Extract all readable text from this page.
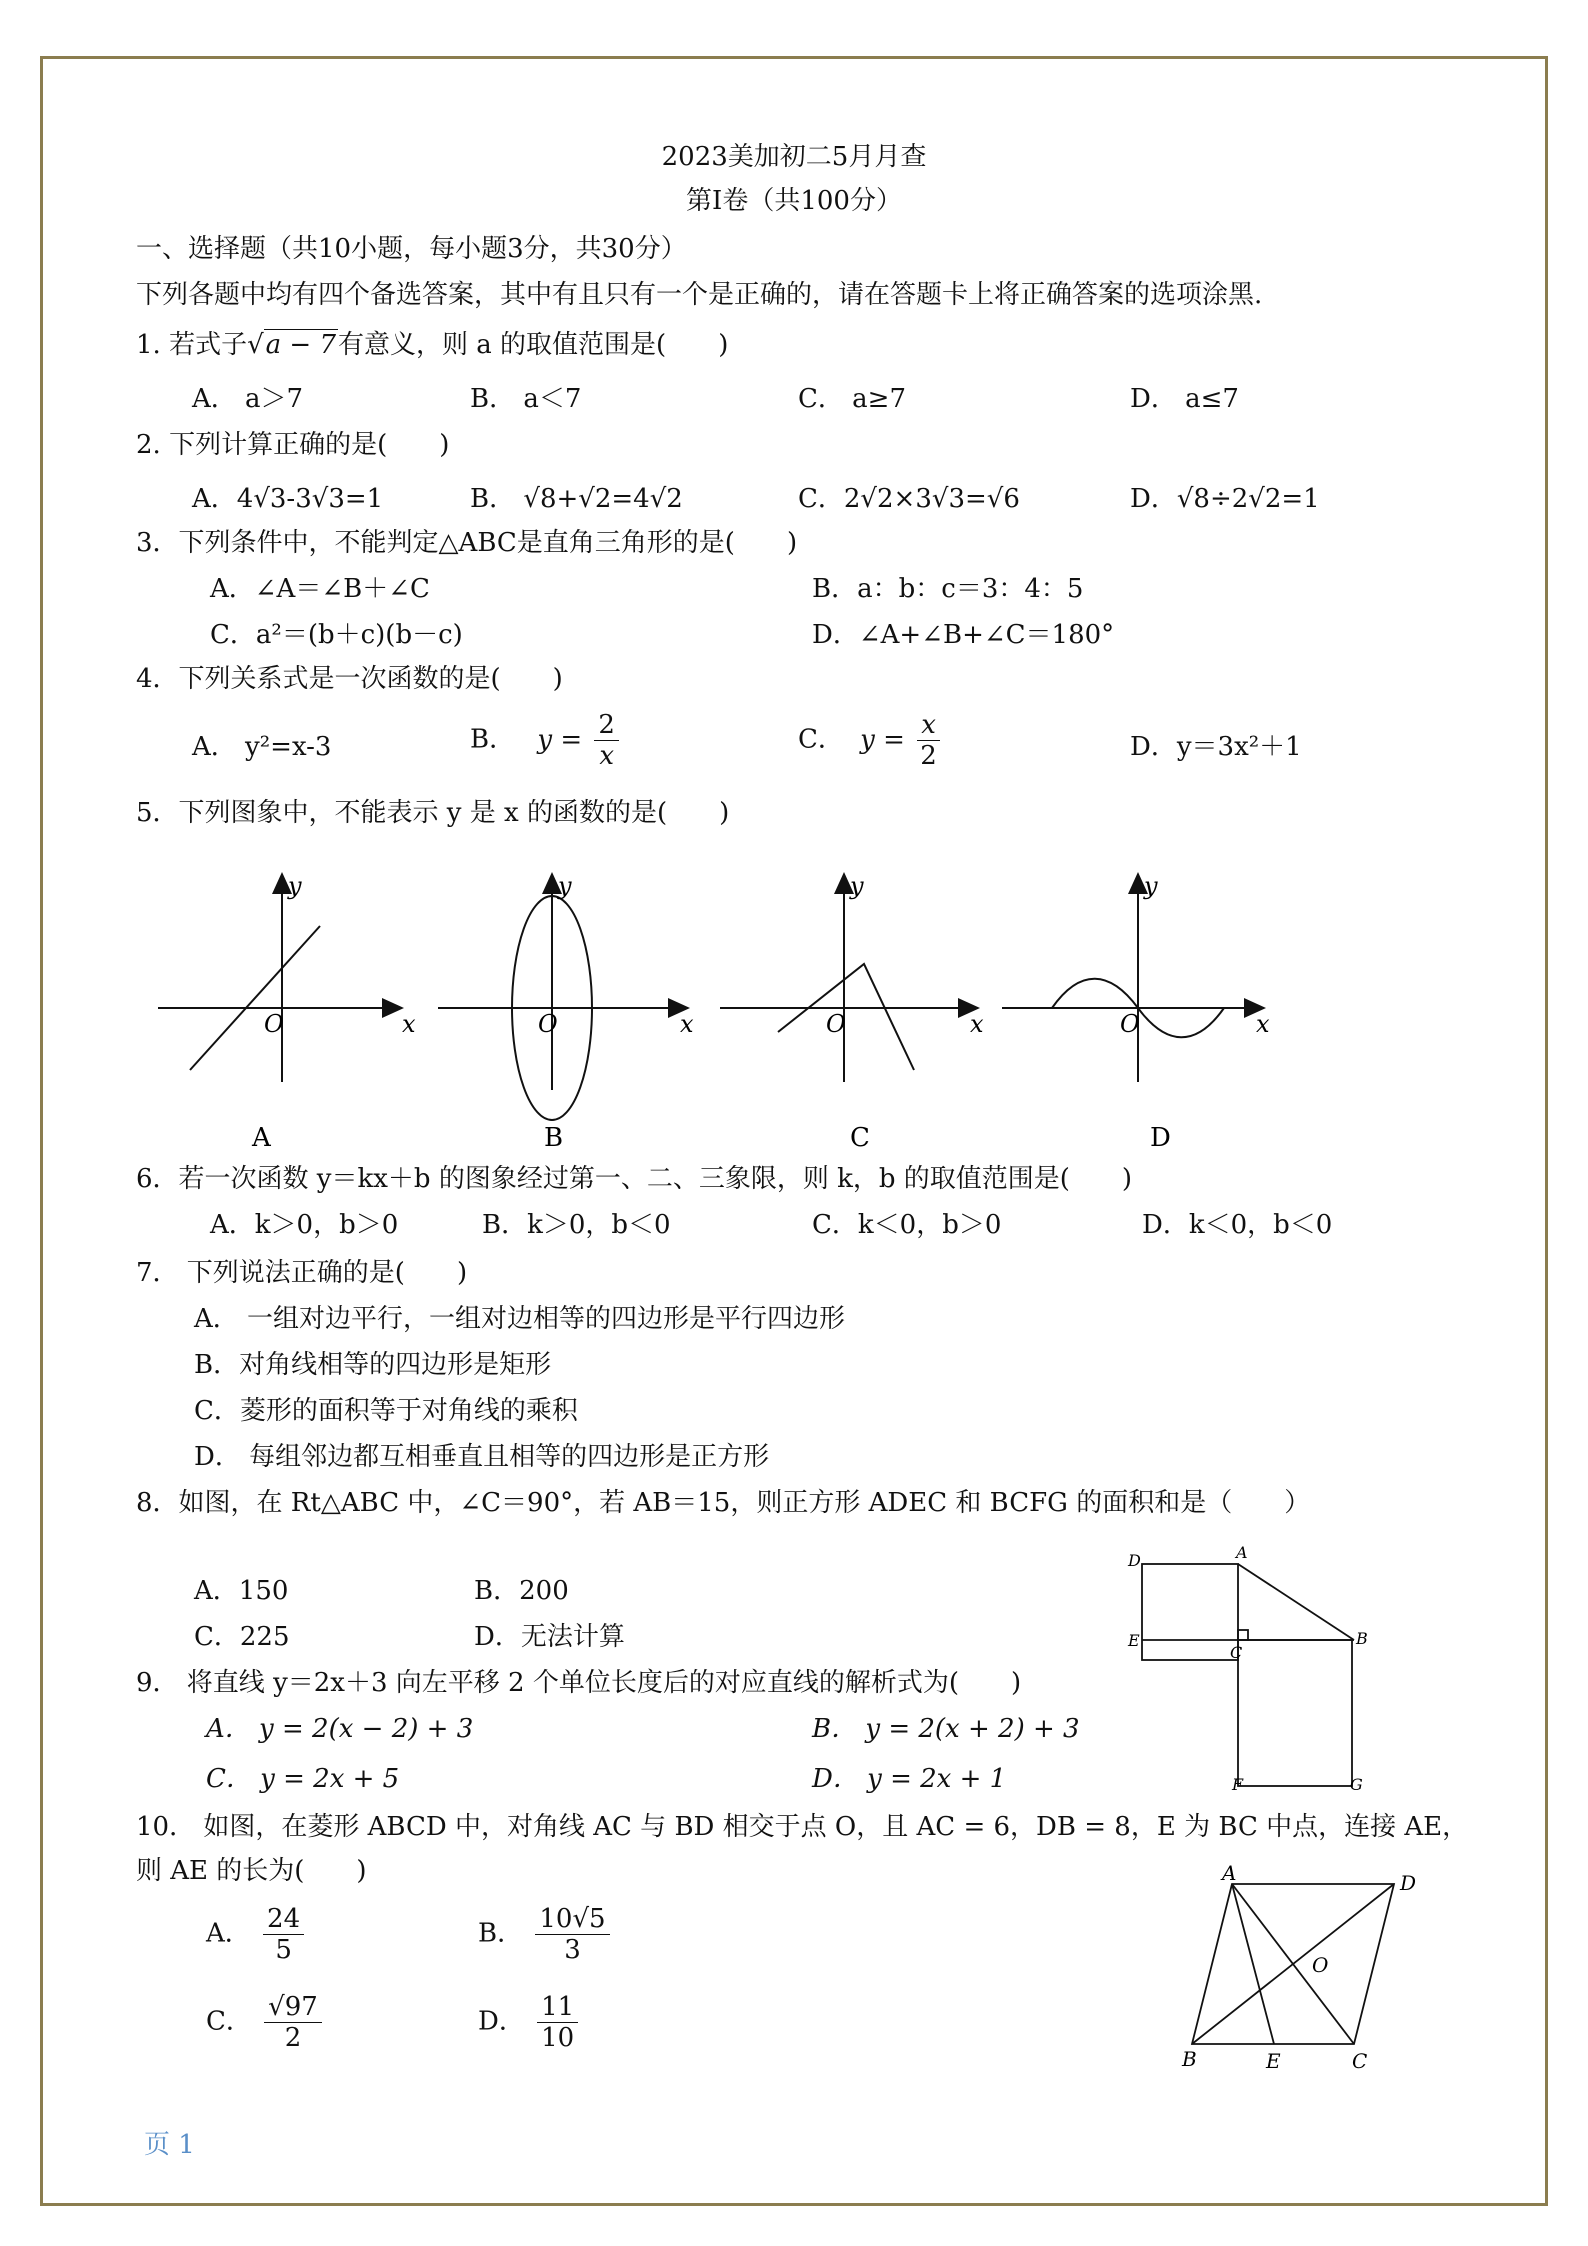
2023美加初二5月月查
第Ⅰ卷（共100分）
一、选择题（共10小题，每小题3分，共30分）
下列各题中均有四个备选答案，其中有且只有一个是正确的，请在答题卡上将正确答案的选项涂黑.
1. 若式子√a − 7有意义，则 a 的取值范围是(　　)
A． a＞7	B． a＜7	C． a≥7	D． a≤7
2. 下列计算正确的是(　　)
A．4√3-3√3=1	B． √8+√2=4√2	C．2√2×3√3=√6	D．√8÷2√2=1
3．下列条件中，不能判定△ABC是直角三角形的是(　　)
A．∠A＝∠B＋∠C	B．a：b：c＝3：4：5
C．a²＝(b＋c)(b－c)	D．∠A+∠B+∠C＝180°
4．下列关系式是一次函数的是(　　)
A． y²=x-3	B． $y = \frac{2}{x}$	C． $y = \frac{x}{2}$	D．y＝3x²＋1
5．下列图象中，不能表示 y 是 x 的函数的是(　　)
y
O	x
A
y
O	x
B
y
O	x
C
y
O	x
D
6．若一次函数 y＝kx＋b 的图象经过第一、二、三象限，则 k，b 的取值范围是(　　)
A．k＞0，b＞0	B．k＞0，b＜0	C．k＜0，b＞0	D．k＜0，b＜0
7． 下列说法正确的是(　　)
A． 一组对边平行，一组对边相等的四边形是平行四边形
B．对角线相等的四边形是矩形
C．菱形的面积等于对角线的乘积
D． 每组邻边都互相垂直且相等的四边形是正方形
8．如图，在 Rt△ABC 中，∠C＝90°，若 AB＝15，则正方形 ADEC 和 BCFG 的面积和是（　　）
A．150	B．200
C．225	D．无法计算
D	A
E
C
B
F	G
9． 将直线 y＝2x＋3 向左平移 2 个单位长度后的对应直线的解析式为(　　)
A． y = 2(x − 2) + 3	B． y = 2(x + 2) + 3
C． y = 2x + 5	D． y = 2x + 1
10． 如图，在菱形 ABCD 中，对角线 AC 与 BD 相交于点 O，且 AC = 6，DB = 8，E 为 BC 中点，连接 AE，
则 AE 的长为(　　)
A． $\frac{24}{5}$	B． $\frac{10√5}{3}$
C． $\frac{√97}{2}$	D． $\frac{11}{10}$
A	D
O
B	E	C
页 1
